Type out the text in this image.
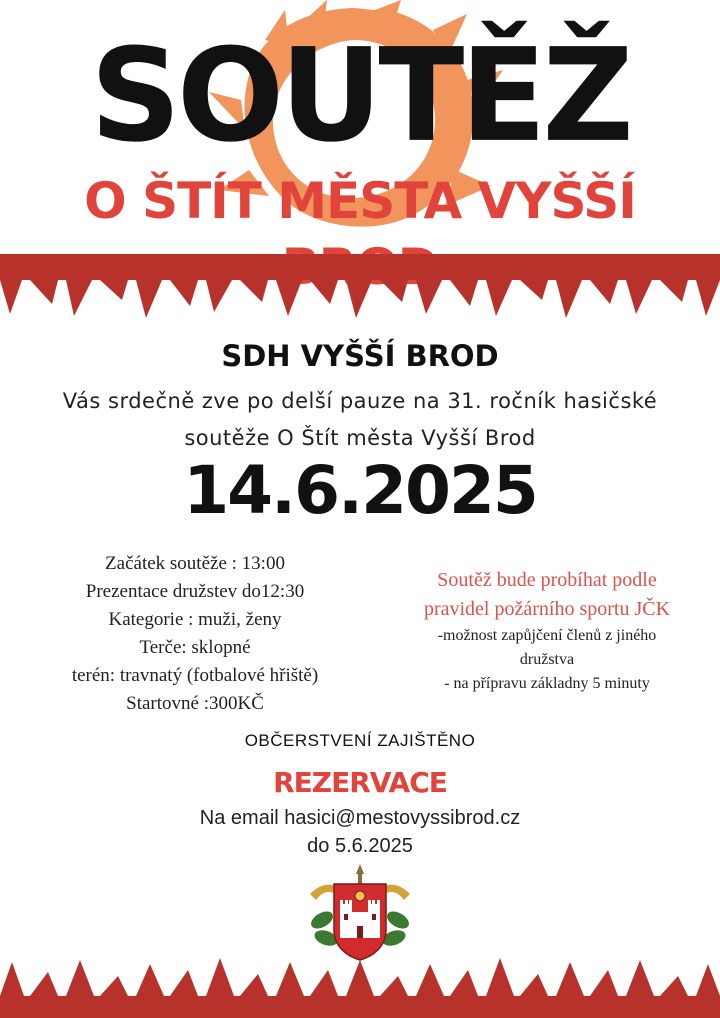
SOUTĚŽ
O ŠTÍT MĚSTA VYŠŠÍ
SDH VYŠŠÍ BROD
Vás srdečně zve po delší pauze na 31. ročník hasičské
soutěže O Štít města Vyšší Brod
14.6.2025
Začátek soutěže : 13:00
Prezentace družstev do12:30
Kategorie : muži, ženy
Terče: sklopné
terén: travnatý (fotbalové hřiště)
Startovné :300KČ
Soutěž bude probíhat podle
pravidel požárního sportu JČK
-možnost zapůjčení členů z jiného
družstva
- na přípravu základny 5 minuty
OBČERSTVENÍ ZAJIŠTĚNO
REZERVACE
Na email hasici@mestovyssibrod.cz
do 5.6.2025
